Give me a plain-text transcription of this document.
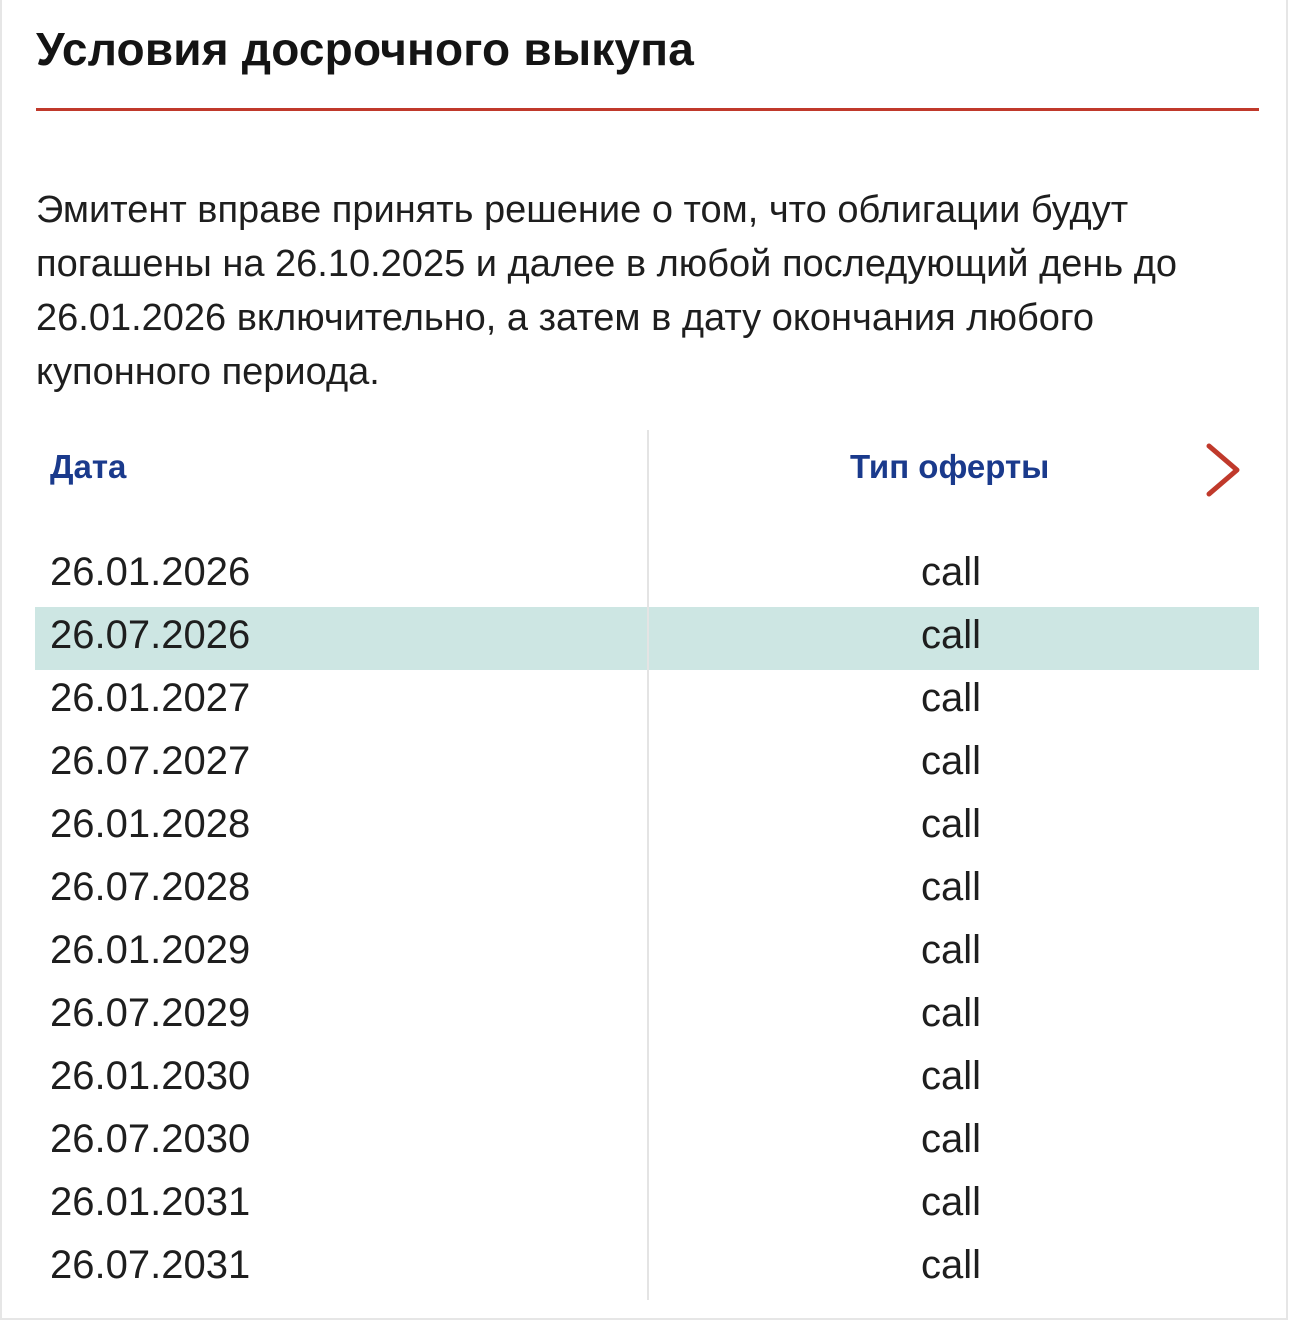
Условия досрочного выкупа

Эмитент вправе принять решение о том, что облигации будут погашены на 26.10.2025 и далее в любой последующий день до 26.01.2026 включительно, а затем в дату окончания любого купонного периода.

Дата	Тип оферты
26.01.2026	call
26.07.2026	call
26.01.2027	call
26.07.2027	call
26.01.2028	call
26.07.2028	call
26.01.2029	call
26.07.2029	call
26.01.2030	call
26.07.2030	call
26.01.2031	call
26.07.2031	call
